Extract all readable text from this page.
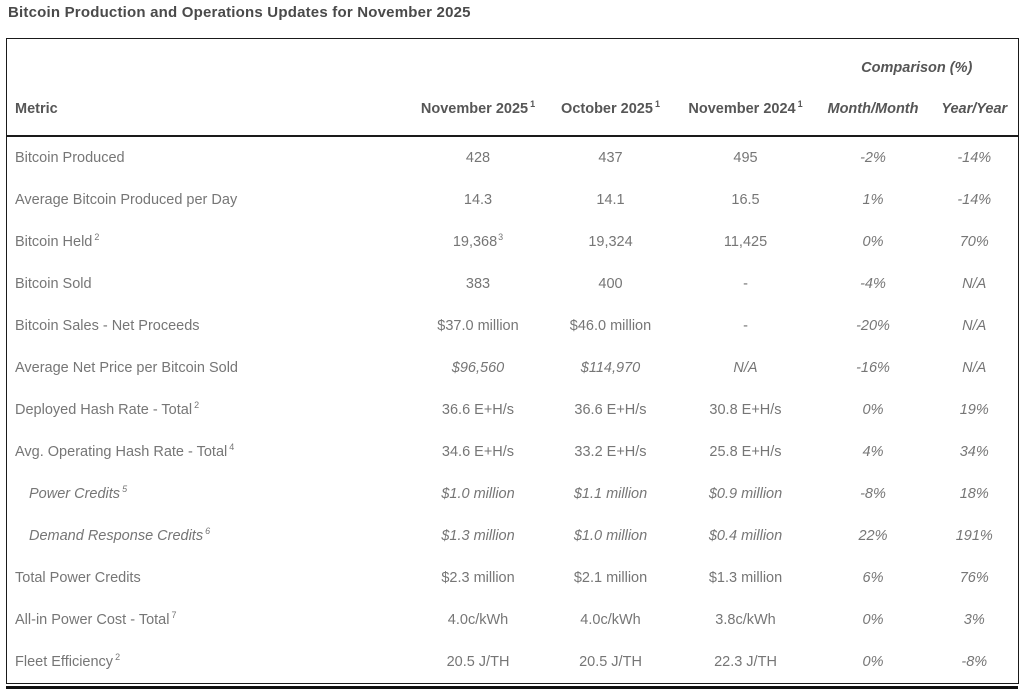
Bitcoin Production and Operations Updates for November 2025
				Comparison (%)	
Metric	November 2025 $^1$	October 2025 $^1$	November 2024 $^1$	Month/Month	Year/Year
Bitcoin Produced	428	437	495	-2%	-14%
Average Bitcoin Produced per Day	14.3	14.1	16.5	1%	-14%
Bitcoin Held $^2$	19,368$^3$	19,324	11,425	0%	70%
Bitcoin Sold	383	400	-	-4%	N/A
Bitcoin Sales - Net Proceeds	$37.0 million	$46.0 million	-	-20%	N/A
Average Net Price per Bitcoin Sold	$96,560	$114,970	N/A	-16%	N/A
Deployed Hash Rate - Total $^2$	36.6 E+H/s	36.6 E+H/s	30.8 E+H/s	0%	19%
Avg. Operating Hash Rate - Total $^4$	34.6 E+H/s	33.2 E+H/s	25.8 E+H/s	4%	34%
Power Credits $^5$	$1.0 million	$1.1 million	$0.9 million	-8%	18%
Demand Response Credits $^6$	$1.3 million	$1.0 million	$0.4 million	22%	191%
Total Power Credits	$2.3 million	$2.1 million	$1.3 million	6%	76%
All-in Power Cost - Total $^7$	4.0c/kWh	4.0c/kWh	3.8c/kWh	0%	3%
Fleet Efficiency $^2$	20.5 J/TH	20.5 J/TH	22.3 J/TH	0%	-8%
